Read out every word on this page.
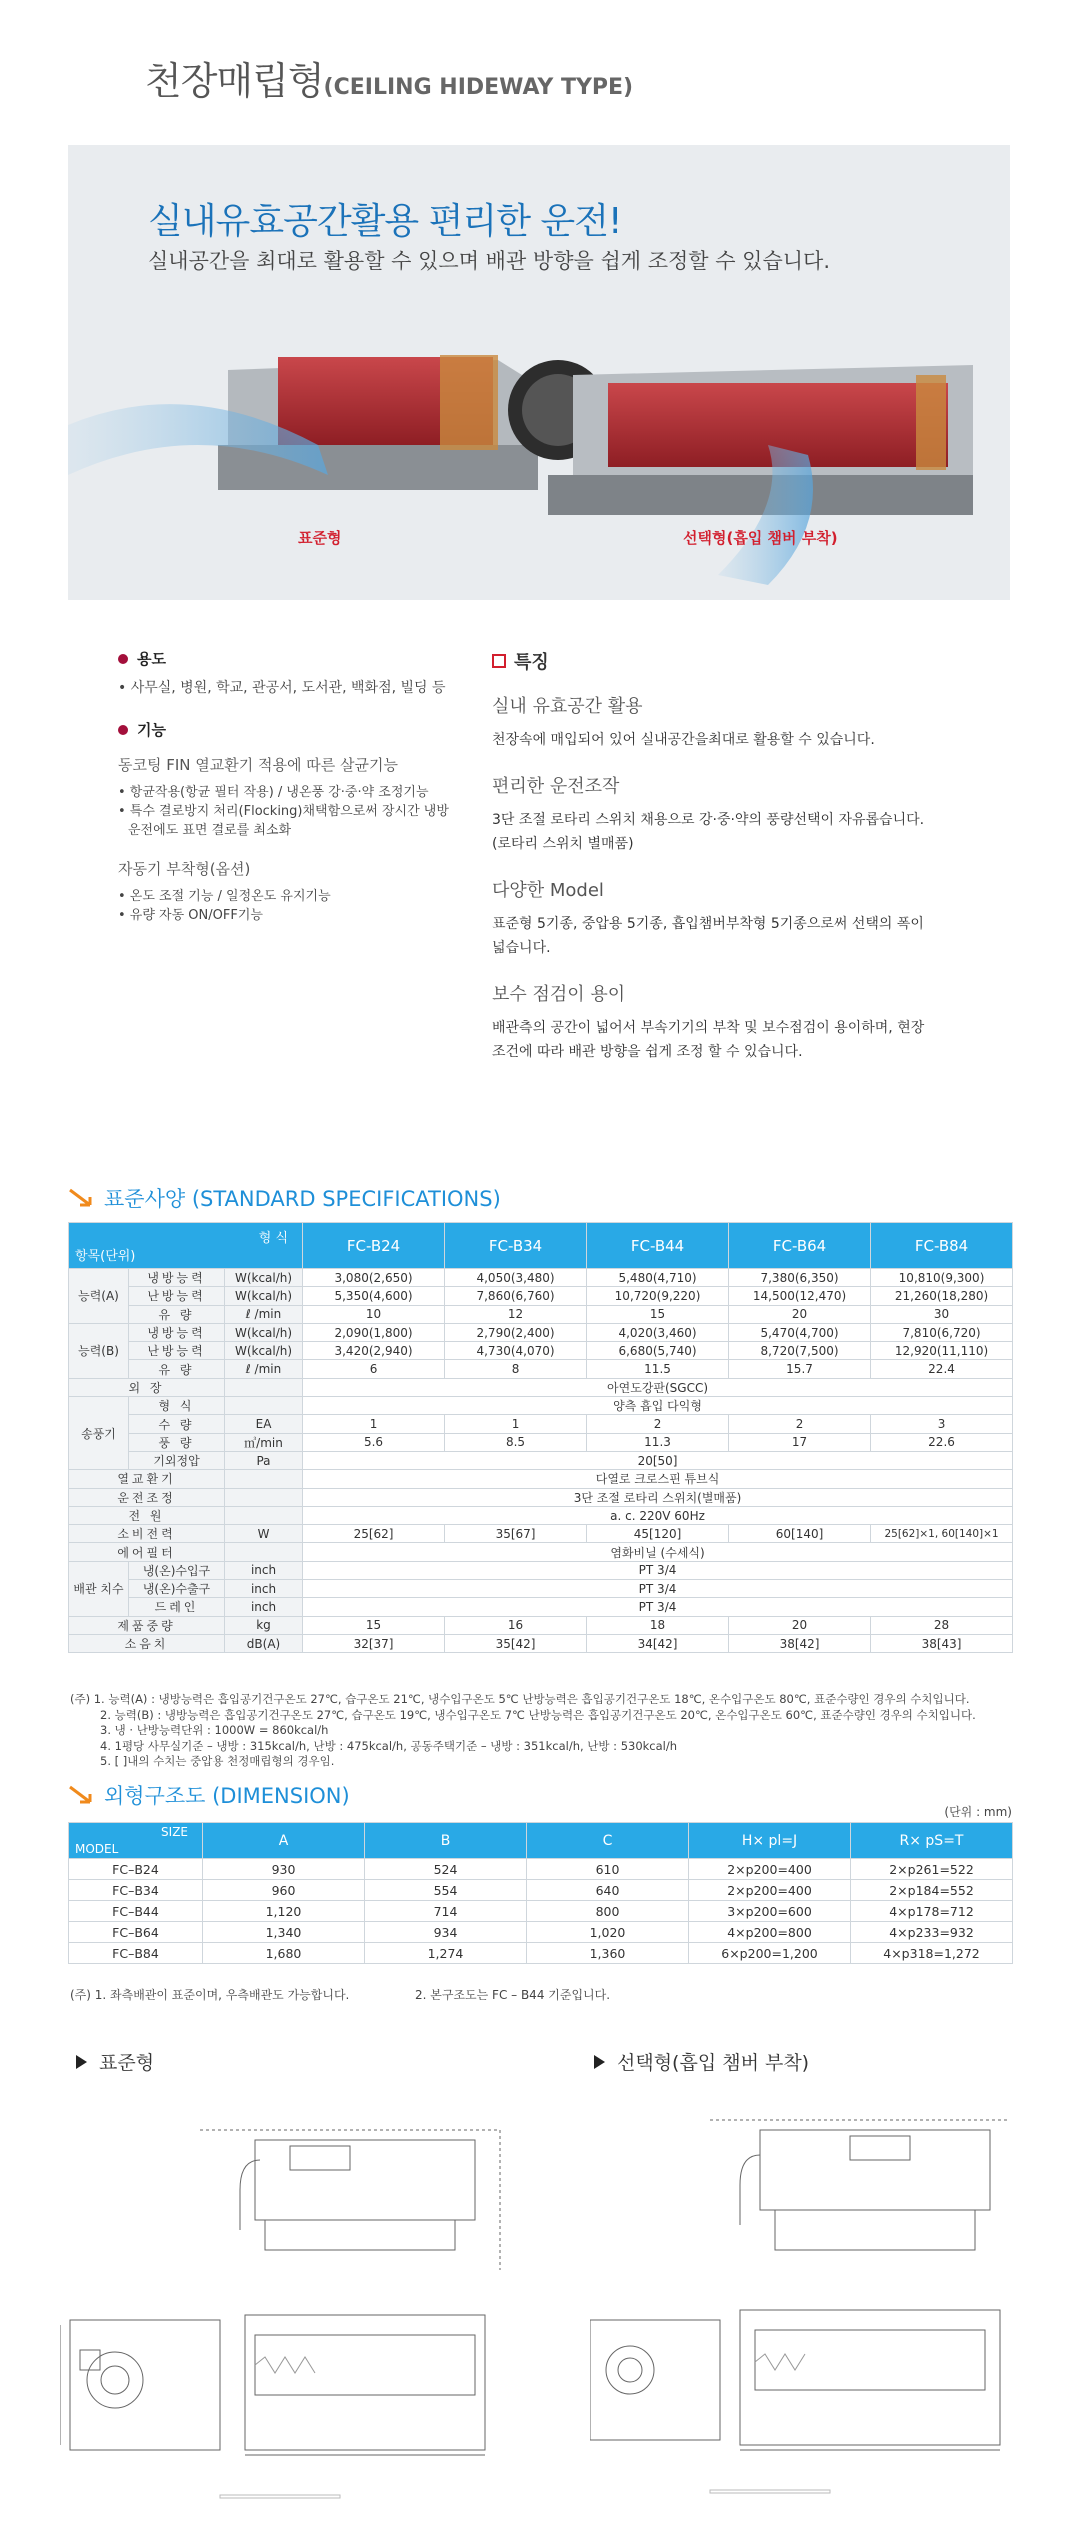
천장매립형(CEILING HIDEWAY TYPE)
실내유효공간활용 편리한 운전!
실내공간을 최대로 활용할 수 있으며 배관 방향을 쉽게 조정할 수 있습니다.
표준형	선택형(흡입 챔버 부착)
용도
• 사무실, 병원, 학교, 관공서, 도서관, 백화점, 빌딩 등
기능
동코팅 FIN 열교환기 적용에 따른 살균기능
• 항균작용(항균 필터 작용) / 냉온풍 강·중·약 조정기능
• 특수 결로방지 처리(Flocking)채택함으로써 장시간 냉방 운전에도 표면 결로를 최소화
자동기 부착형(옵션)
• 온도 조절 기능 / 일정온도 유지기능
• 유량 자동 ON/OFF기능
특징
실내 유효공간 활용
천장속에 매입되어 있어 실내공간을최대로 활용할 수 있습니다.
편리한 운전조작
3단 조절 로타리 스위치 채용으로 강·중·약의 풍량선택이 자유롭습니다. (로타리 스위치 별매품)
다양한 Model
표준형 5기종, 중압용 5기종, 흡입챔버부착형 5기종으로써 선택의 폭이 넓습니다.
보수 점검이 용이
배관측의 공간이 넓어서 부속기기의 부착 및 보수점검이 용이하며, 현장조건에 따라 배관 방향을 쉽게 조정 할 수 있습니다.
표준사양 (STANDARD SPECIFICATIONS)
항목(단위)
형 식			FC-B24	FC-B34	FC-B44	FC-B64	FC-B84
능력(A)	냉방능력	W(kcal/h)	3,080(2,650)	4,050(3,480)	5,480(4,710)	7,380(6,350)	10,810(9,300)
	난방능력	W(kcal/h)	5,350(4,600)	7,860(6,760)	10,720(9,220)	14,500(12,470)	21,260(18,280)
	유 량	ℓ /min	10	12	15	20	30
능력(B)	냉방능력	W(kcal/h)	2,090(1,800)	2,790(2,400)	4,020(3,460)	5,470(4,700)	7,810(6,720)
	난방능력	W(kcal/h)	3,420(2,940)	4,730(4,070)	6,680(5,740)	8,720(7,500)	12,920(11,110)
	유 량	ℓ /min	6	8	11.5	15.7	22.4
외 장			아연도강판(SGCC)				
송풍기	형 식		양측 흡입 다익형				
	수 량	EA	1	1	2	2	3
	풍 량	㎥/min	5.6	8.5	11.3	17	22.6
	기외정압	Pa	20[50]				
열교환기			다열로 크로스핀 튜브식				
운전조정			3단 조절 로타리 스위치(별매품)				
전 원			a. c. 220V 60Hz				
소비전력		W	25[62]	35[67]	45[120]	60[140]	25[62]×1, 60[140]×1
에어필터			염화비닐 (수세식)				
배관 치수	냉(온)수입구	inch	PT 3/4				
	냉(온)수출구	inch	PT 3/4				
	드레인	inch	PT 3/4				
제품중량		kg	15	16	18	20	28
소음치		dB(A)	32[37]	35[42]	34[42]	38[42]	38[43]
(주) 1. 능력(A) : 냉방능력은 흡입공기건구온도 27℃, 습구온도 21℃, 냉수입구온도 5℃ 난방능력은 흡입공기건구온도 18℃, 온수입구온도 80℃, 표준수량인 경우의 수치입니다.
2. 능력(B) : 냉방능력은 흡입공기건구온도 27℃, 습구온도 19℃, 냉수입구온도 7℃ 난방능력은 흡입공기건구온도 20℃, 온수입구온도 60℃, 표준수량인 경우의 수치입니다.
3. 냉 · 난방능력단위 : 1000W = 860kcal/h
4. 1평당 사무실기준 – 냉방 : 315kcal/h, 난방 : 475kcal/h, 공동주택기준 – 냉방 : 351kcal/h, 난방 : 530kcal/h
5. [ ]내의 수치는 중압용 천정매립형의 경우임.
외형구조도 (DIMENSION)
(단위 : mm)
SIZE
MODEL	A	B	C	H× pl=J	R× pS=T
FC–B24	930	524	610	2×p200=400	2×p261=522
FC–B34	960	554	640	2×p200=400	2×p184=552
FC–B44	1,120	714	800	3×p200=600	4×p178=712
FC–B64	1,340	934	1,020	4×p200=800	4×p233=932
FC–B84	1,680	1,274	1,360	6×p200=1,200	4×p318=1,272
(주) 1. 좌측배관이 표준이며, 우측배관도 가능합니다.	2. 본구조도는 FC – B44 기준입니다.
표준형	선택형(흡입 챔버 부착)
